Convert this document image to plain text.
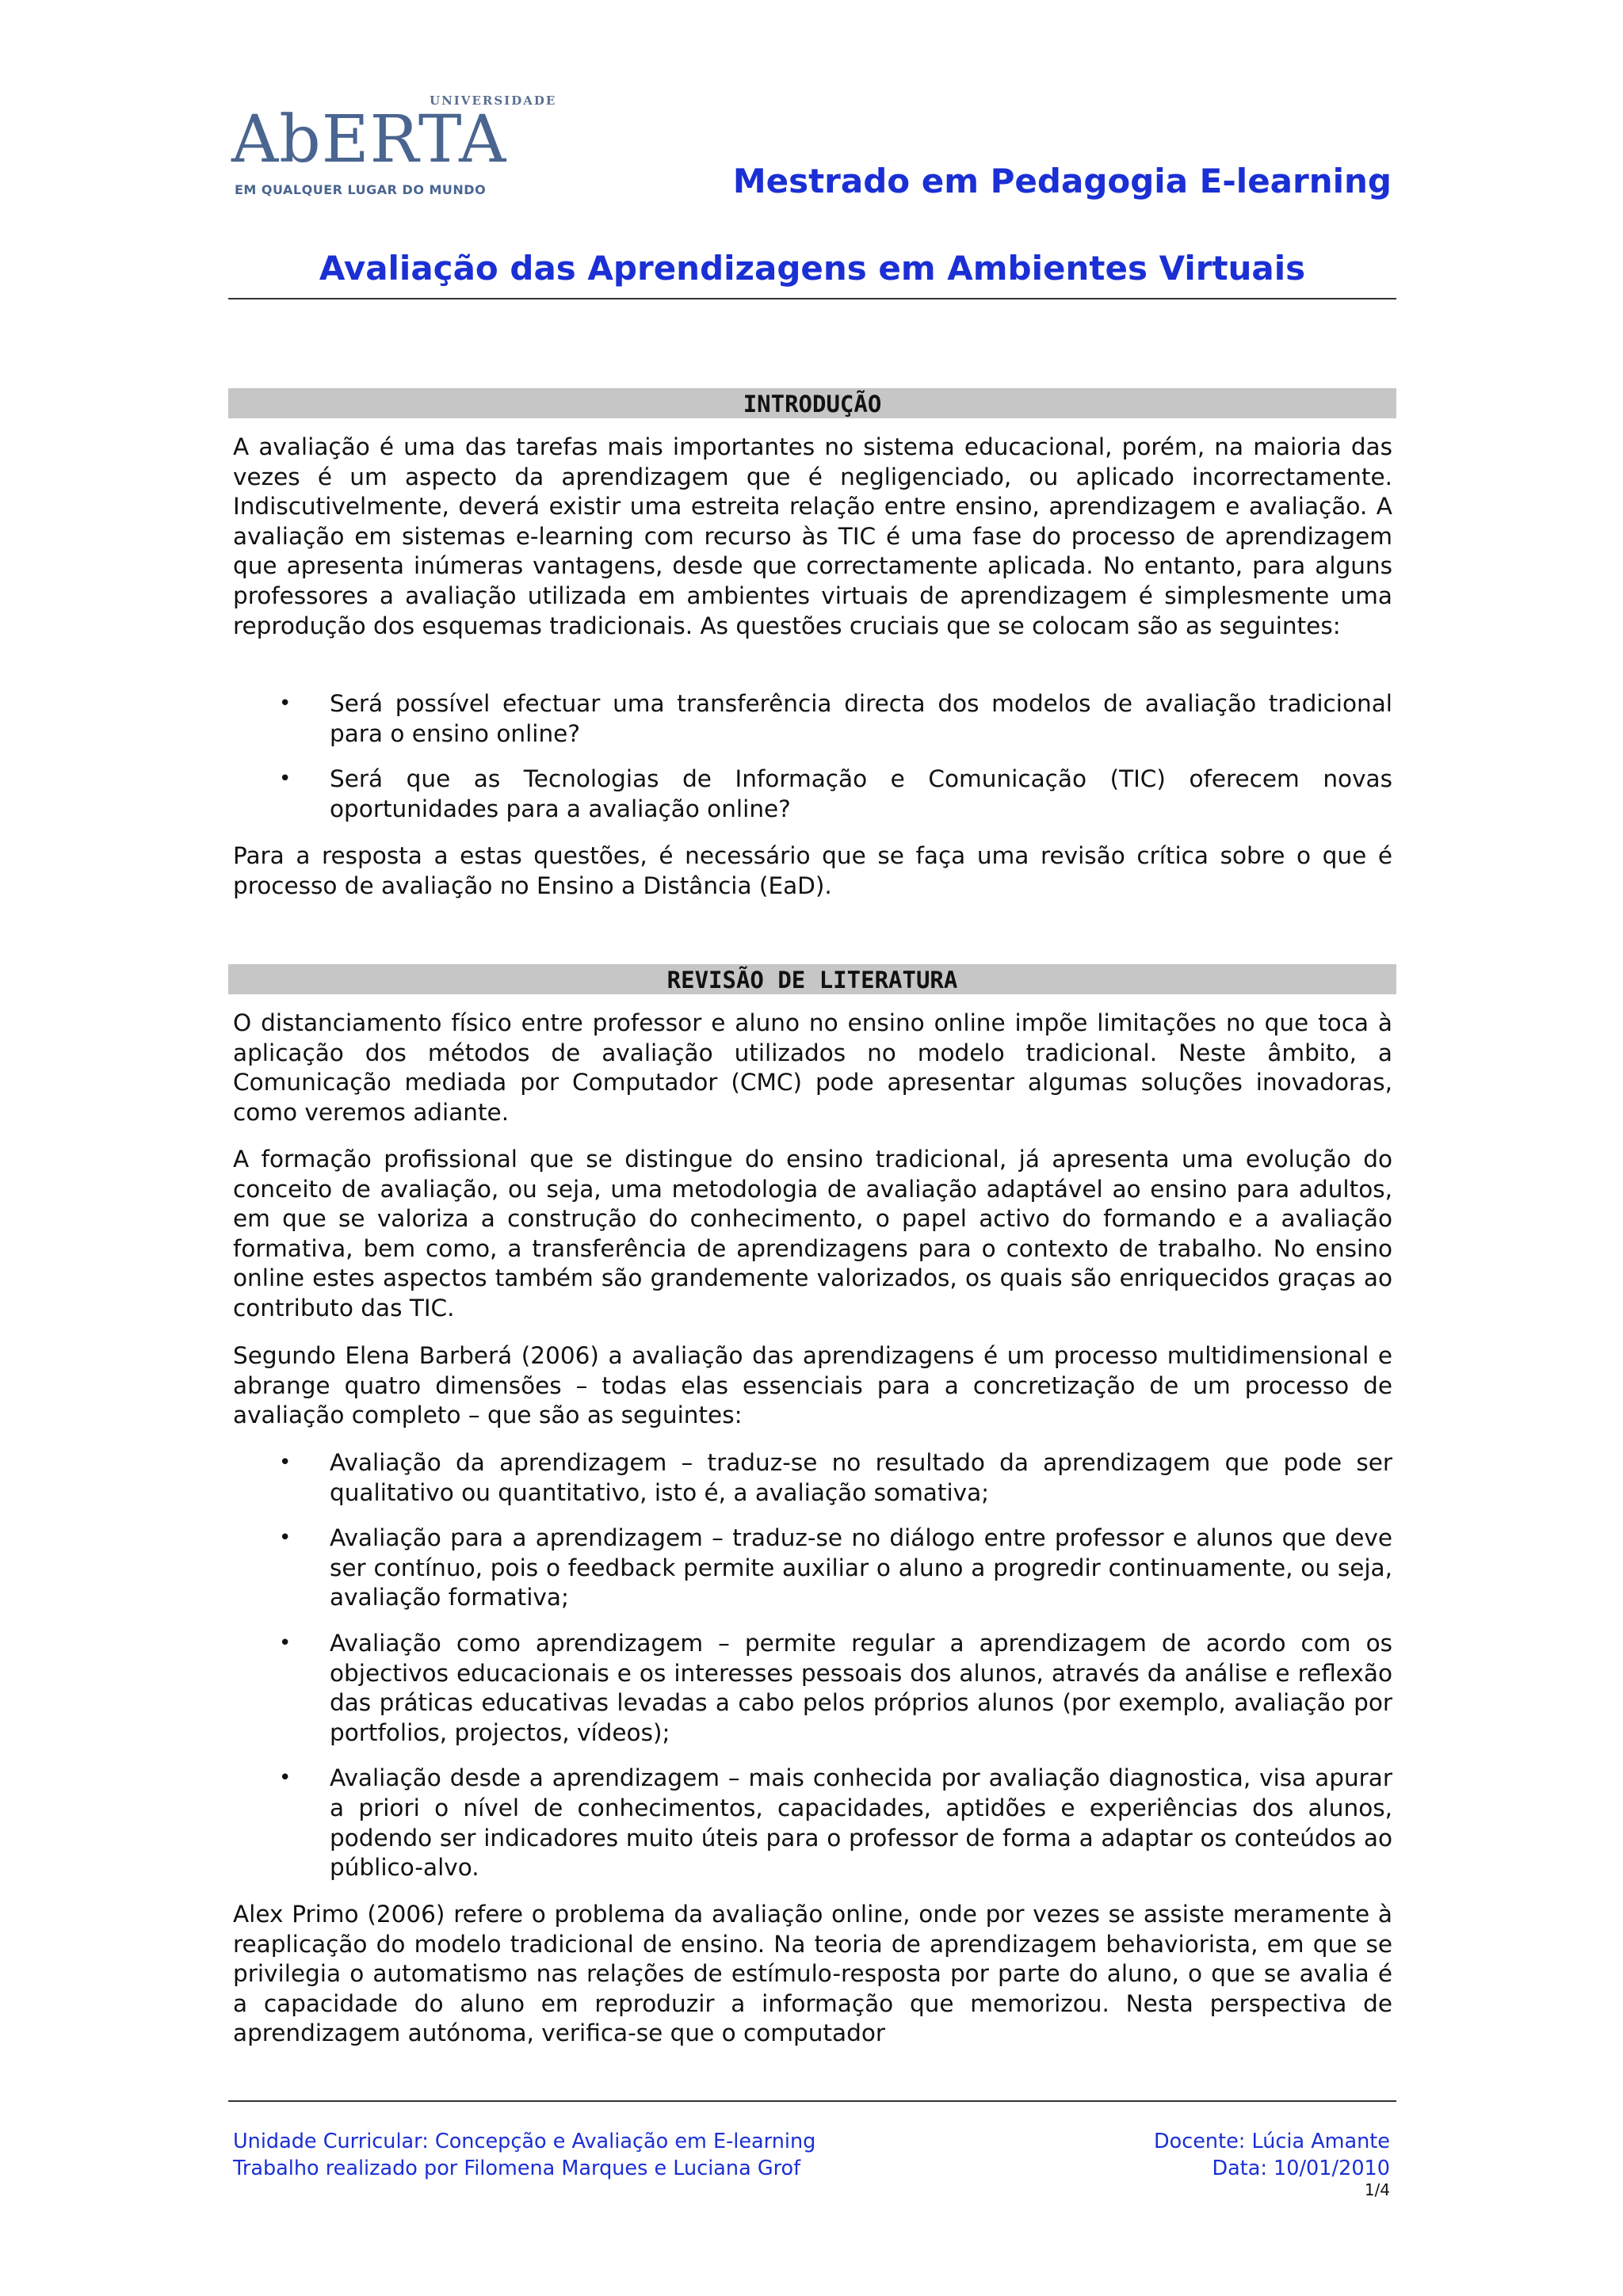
UNIVERSIDADE
AbERTA
EM QUALQUER LUGAR DO MUNDO	Mestrado em Pedagogia E-learning
Avaliação das Aprendizagens em Ambientes Virtuais
INTRODUÇÃO
A avaliação é uma das tarefas mais importantes no sistema educacional, porém, na maioria das vezes é um aspecto da aprendizagem que é negligenciado, ou aplicado incorrectamente. Indiscutivelmente, deverá existir uma estreita relação entre ensino, aprendizagem e avaliação. A avaliação em sistemas e-learning com recurso às TIC é uma fase do processo de aprendizagem que apresenta inúmeras vantagens, desde que correctamente aplicada. No entanto, para alguns professores a avaliação utilizada em ambientes virtuais de aprendizagem é simplesmente uma reprodução dos esquemas tradicionais. As questões cruciais que se colocam são as seguintes:
• Será possível efectuar uma transferência directa dos modelos de avaliação tradicional para o ensino online?
• Será que as Tecnologias de Informação e Comunicação (TIC) oferecem novas oportunidades para a avaliação online?
Para a resposta a estas questões, é necessário que se faça uma revisão crítica sobre o que é processo de avaliação no Ensino a Distância (EaD).
REVISÃO DE LITERATURA
O distanciamento físico entre professor e aluno no ensino online impõe limitações no que toca à aplicação dos métodos de avaliação utilizados no modelo tradicional. Neste âmbito, a Comunicação mediada por Computador (CMC) pode apresentar algumas soluções inovadoras, como veremos adiante.
A formação profissional que se distingue do ensino tradicional, já apresenta uma evolução do conceito de avaliação, ou seja, uma metodologia de avaliação adaptável ao ensino para adultos, em que se valoriza a construção do conhecimento, o papel activo do formando e a avaliação formativa, bem como, a transferência de aprendizagens para o contexto de trabalho. No ensino online estes aspectos também são grandemente valorizados, os quais são enriquecidos graças ao contributo das TIC.
Segundo Elena Barberá (2006) a avaliação das aprendizagens é um processo multidimensional e abrange quatro dimensões – todas elas essenciais para a concretização de um processo de avaliação completo – que são as seguintes:
• Avaliação da aprendizagem – traduz-se no resultado da aprendizagem que pode ser qualitativo ou quantitativo, isto é, a avaliação somativa;
• Avaliação para a aprendizagem – traduz-se no diálogo entre professor e alunos que deve ser contínuo, pois o feedback permite auxiliar o aluno a progredir continuamente, ou seja, avaliação formativa;
• Avaliação como aprendizagem – permite regular a aprendizagem de acordo com os objectivos educacionais e os interesses pessoais dos alunos, através da análise e reflexão das práticas educativas levadas a cabo pelos próprios alunos (por exemplo, avaliação por portfolios, projectos, vídeos);
• Avaliação desde a aprendizagem – mais conhecida por avaliação diagnostica, visa apurar a priori o nível de conhecimentos, capacidades, aptidões e experiências dos alunos, podendo ser indicadores muito úteis para o professor de forma a adaptar os conteúdos ao público-alvo.
Alex Primo (2006) refere o problema da avaliação online, onde por vezes se assiste meramente à reaplicação do modelo tradicional de ensino. Na teoria de aprendizagem behaviorista, em que se privilegia o automatismo nas relações de estímulo-resposta por parte do aluno, o que se avalia é a capacidade do aluno em reproduzir a informação que memorizou. Nesta perspectiva de aprendizagem autónoma, verifica-se que o computador
Unidade Curricular: Concepção e Avaliação em E-learning
Trabalho realizado por Filomena Marques e Luciana Grof
Docente: Lúcia Amante
Data: 10/01/2010
1/4
